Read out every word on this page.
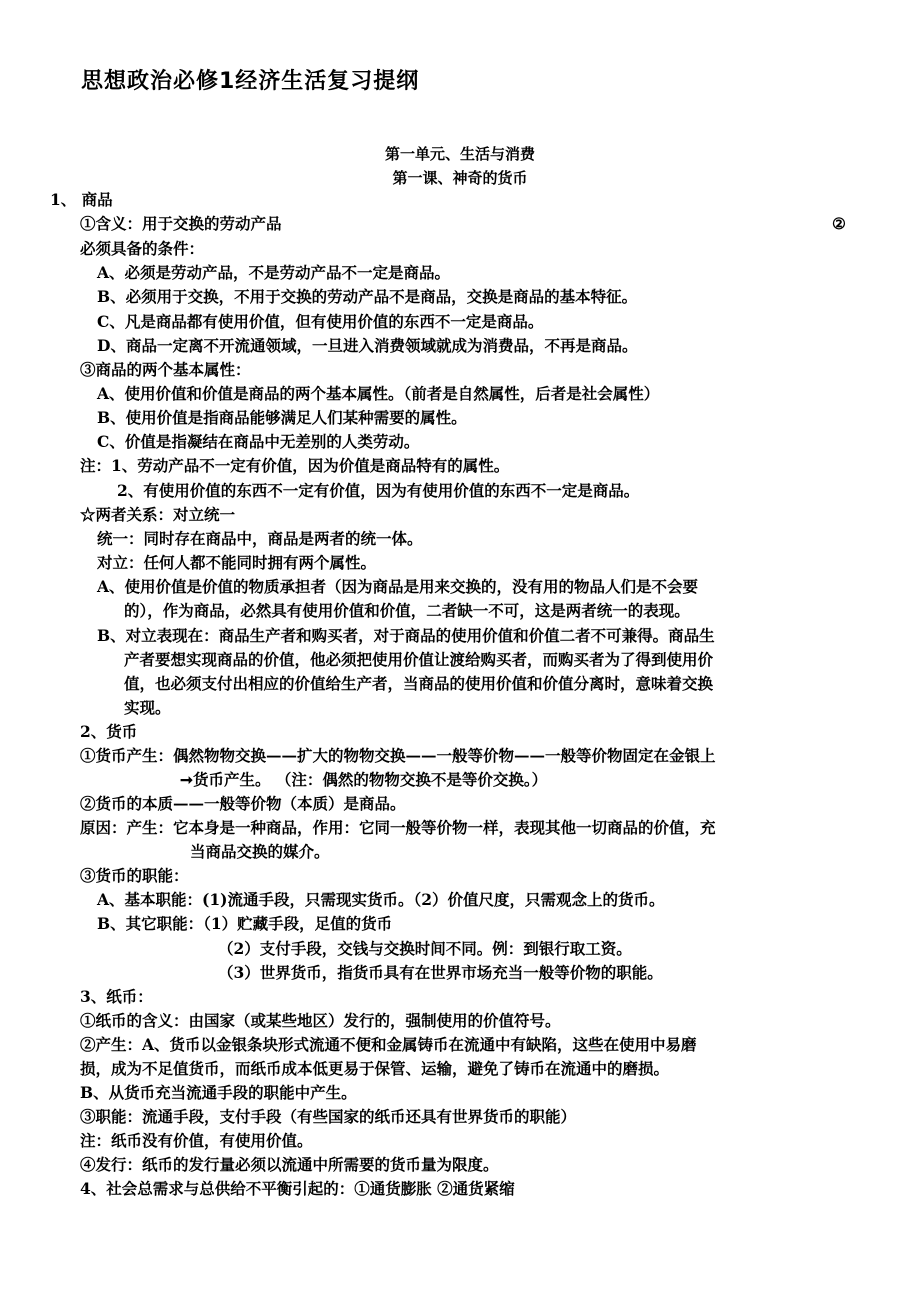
思想政治必修1经济生活复习提纲
第一单元、生活与消费
第一课、神奇的货币
1、 商品
①含义：用于交换的劳动产品	②
必须具备的条件：
A、必须是劳动产品，不是劳动产品不一定是商品。
B、必须用于交换，不用于交换的劳动产品不是商品，交换是商品的基本特征。
C、凡是商品都有使用价值，但有使用价值的东西不一定是商品。
D、商品一定离不开流通领域，一旦进入消费领域就成为消费品，不再是商品。
③商品的两个基本属性：
A、使用价值和价值是商品的两个基本属性。（前者是自然属性，后者是社会属性）
B、使用价值是指商品能够满足人们某种需要的属性。
C、价值是指凝结在商品中无差别的人类劳动。
注：1、劳动产品不一定有价值，因为价值是商品特有的属性。
2、有使用价值的东西不一定有价值，因为有使用价值的东西不一定是商品。
☆两者关系：对立统一
统一：同时存在商品中，商品是两者的统一体。
对立：任何人都不能同时拥有两个属性。
A、使用价值是价值的物质承担者（因为商品是用来交换的，没有用的物品人们是不会要
的），作为商品，必然具有使用价值和价值，二者缺一不可，这是两者统一的表现。
B、对立表现在：商品生产者和购买者，对于商品的使用价值和价值二者不可兼得。商品生
产者要想实现商品的价值，他必须把使用价值让渡给购买者，而购买者为了得到使用价
值，也必须支付出相应的价值给生产者，当商品的使用价值和价值分离时，意味着交换
实现。
2、货币
①货币产生：偶然物物交换——扩大的物物交换——一般等价物——一般等价物固定在金银上
➞货币产生。 （注：偶然的物物交换不是等价交换。）
②货币的本质——一般等价物（本质）是商品。
原因：产生：它本身是一种商品，作用：它同一般等价物一样，表现其他一切商品的价值，充
当商品交换的媒介。
③货币的职能：
A、基本职能：(1)流通手段，只需现实货币。（2）价值尺度，只需观念上的货币。
B、其它职能：（1）贮藏手段，足值的货币
（2）支付手段，交钱与交换时间不同。例：到银行取工资。
（3）世界货币，指货币具有在世界市场充当一般等价物的职能。
3、纸币：
①纸币的含义：由国家（或某些地区）发行的，强制使用的价值符号。
②产生：A、货币以金银条块形式流通不便和金属铸币在流通中有缺陷，这些在使用中易磨
损，成为不足值货币，而纸币成本低更易于保管、运输，避免了铸币在流通中的磨损。
B、从货币充当流通手段的职能中产生。
③职能：流通手段，支付手段（有些国家的纸币还具有世界货币的职能）
注：纸币没有价值，有使用价值。
④发行：纸币的发行量必须以流通中所需要的货币量为限度。
4、社会总需求与总供给不平衡引起的：①通货膨胀 ②通货紧缩
